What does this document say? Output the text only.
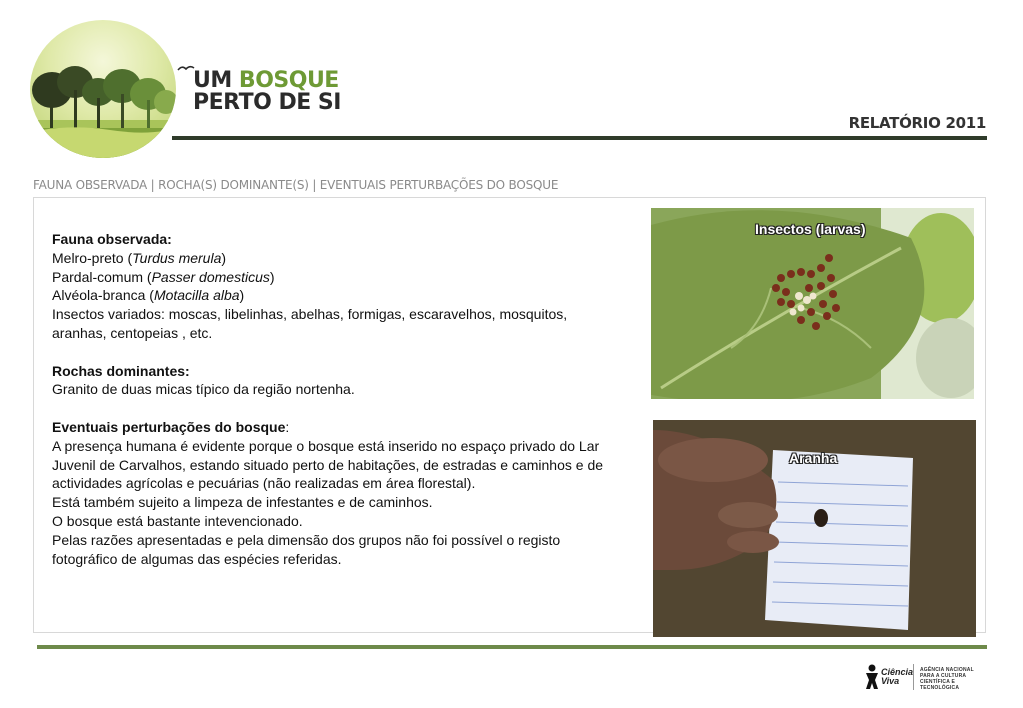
UM BOSQUE
PERTO DE SI
RELATÓRIO 2011
FAUNA OBSERVADA | ROCHA(S) DOMINANTE(S) | EVENTUAIS PERTURBAÇÕES DO BOSQUE

Fauna observada:

Melro-preto (Turdus merula)

Pardal-comum (Passer domesticus)

Alvéola-branca (Motacilla alba)

Insectos variados: moscas, libelinhas, abelhas, formigas, escaravelhos, mosquitos, aranhas, centopeias , etc.

Rochas dominantes:

Granito de duas micas típico da região nortenha.

Eventuais perturbações do bosque:

A presença humana é evidente porque o bosque está inserido no espaço privado do Lar Juvenil de Carvalhos, estando situado perto de habitações, de estradas e caminhos e de actividades agrícolas e pecuárias (não realizadas em área florestal).

Está também sujeito a limpeza de infestantes e de caminhos.

O bosque está bastante intevencionado.

Pelas razões apresentadas e pela dimensão dos grupos não foi possível o registo fotográfico de algumas das espécies referidas.

Insectos (larvas)
Aranha
Ciência
Viva
AGÊNCIA NACIONAL
PARA A CULTURA
CIENTÍFICA E TECNOLÓGICA
